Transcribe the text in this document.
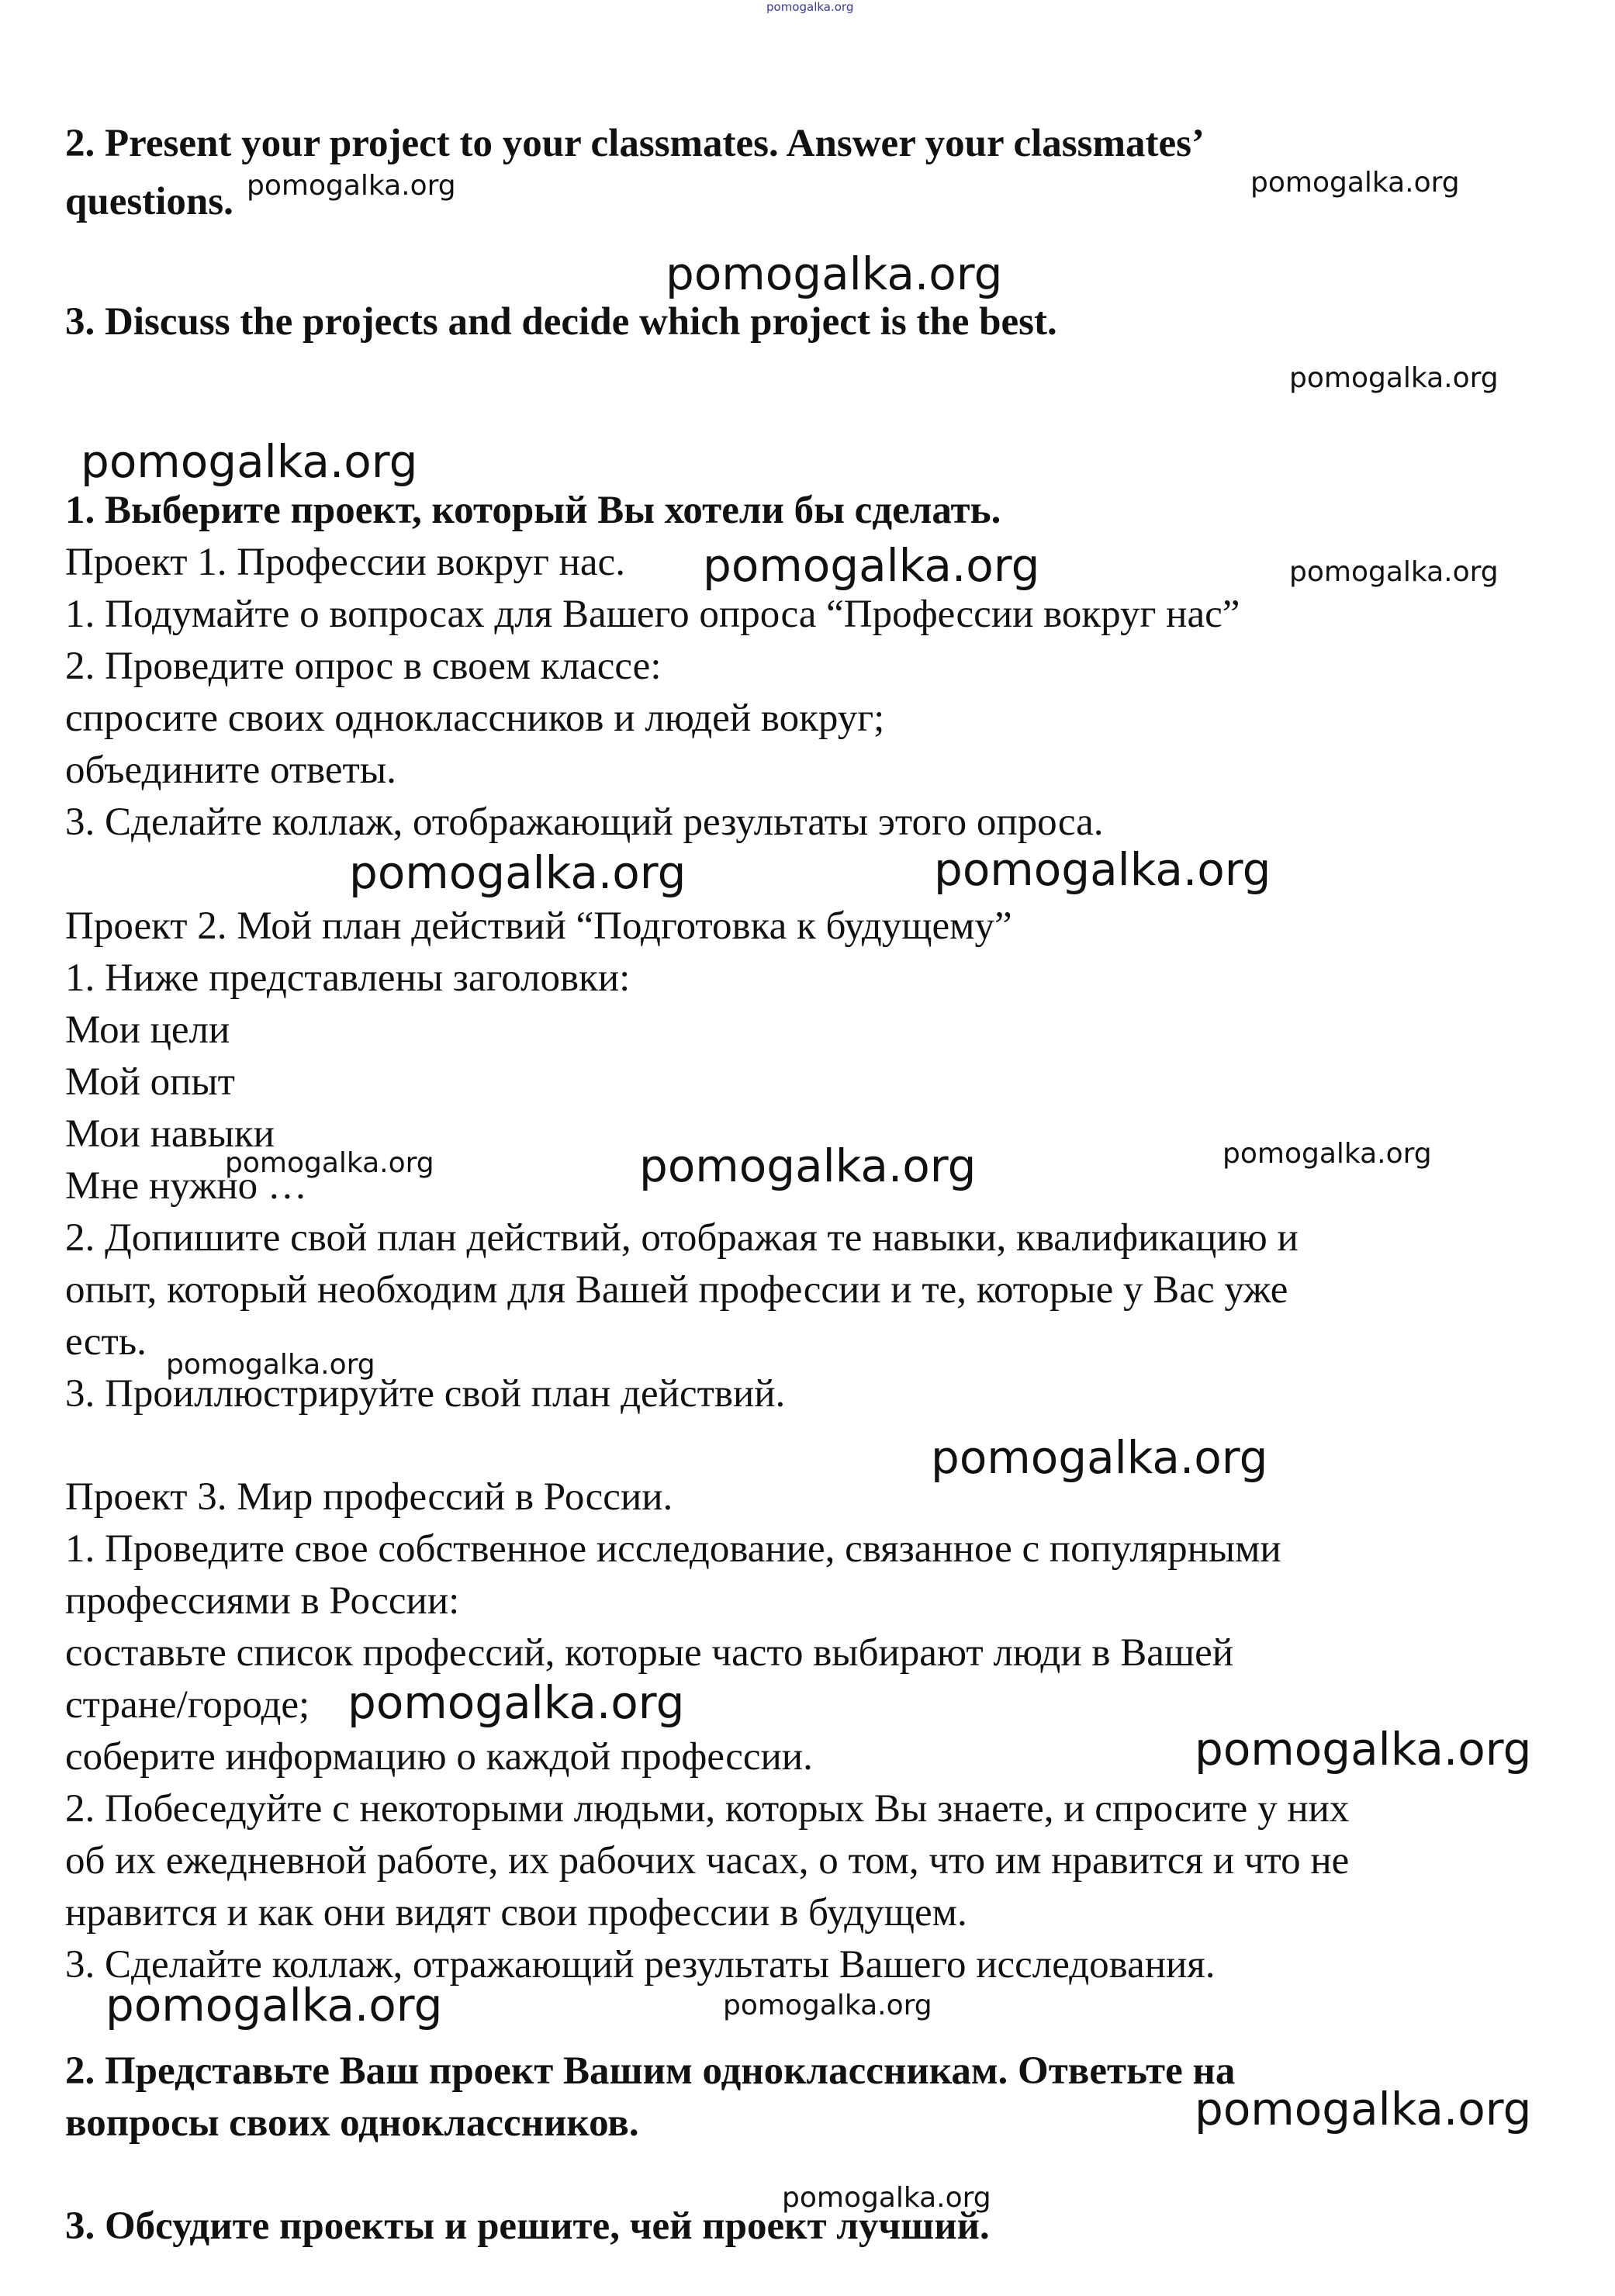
2. Present your project to your classmates. Answer your classmates’

questions.

3. Discuss the projects and decide which project is the best.

1. Выберите проект, который Вы хотели бы сделать.

Проект 1. Профессии вокруг нас.

1. Подумайте о вопросах для Вашего опроса “Профессии вокруг нас”

2. Проведите опрос в своем классе:

спросите своих одноклассников и людей вокруг;

объедините ответы.

3. Сделайте коллаж, отображающий результаты этого опроса.

Проект 2. Мой план действий “Подготовка к будущему”

1. Ниже представлены заголовки:

Мои цели

Мой опыт

Мои навыки

Мне нужно …

2. Допишите свой план действий, отображая те навыки, квалификацию и

опыт, который необходим для Вашей профессии и те, которые у Вас уже

есть.

3. Проиллюстрируйте свой план действий.

Проект 3. Мир профессий в России.

1. Проведите свое собственное исследование, связанное с популярными

профессиями в России:

составьте список профессий, которые часто выбирают люди в Вашей

стране/городе;

соберите информацию о каждой профессии.

2. Побеседуйте с некоторыми людьми, которых Вы знаете, и спросите у них

об их ежедневной работе, их рабочих часах, о том, что им нравится и что не

нравится и как они видят свои профессии в будущем.

3. Сделайте коллаж, отражающий результаты Вашего исследования.

2. Представьте Ваш проект Вашим одноклассникам. Ответьте на

вопросы своих одноклассников.

3. Обсудите проекты и решите, чей проект лучший.

pomogalka.org
pomogalka.org	pomogalka.org
pomogalka.org
pomogalka.org
pomogalka.org
pomogalka.org	pomogalka.org
pomogalka.org	pomogalka.org
pomogalka.org	pomogalka.org	pomogalka.org
pomogalka.org
pomogalka.org
pomogalka.org
pomogalka.org
pomogalka.org	pomogalka.org
pomogalka.org
pomogalka.org
